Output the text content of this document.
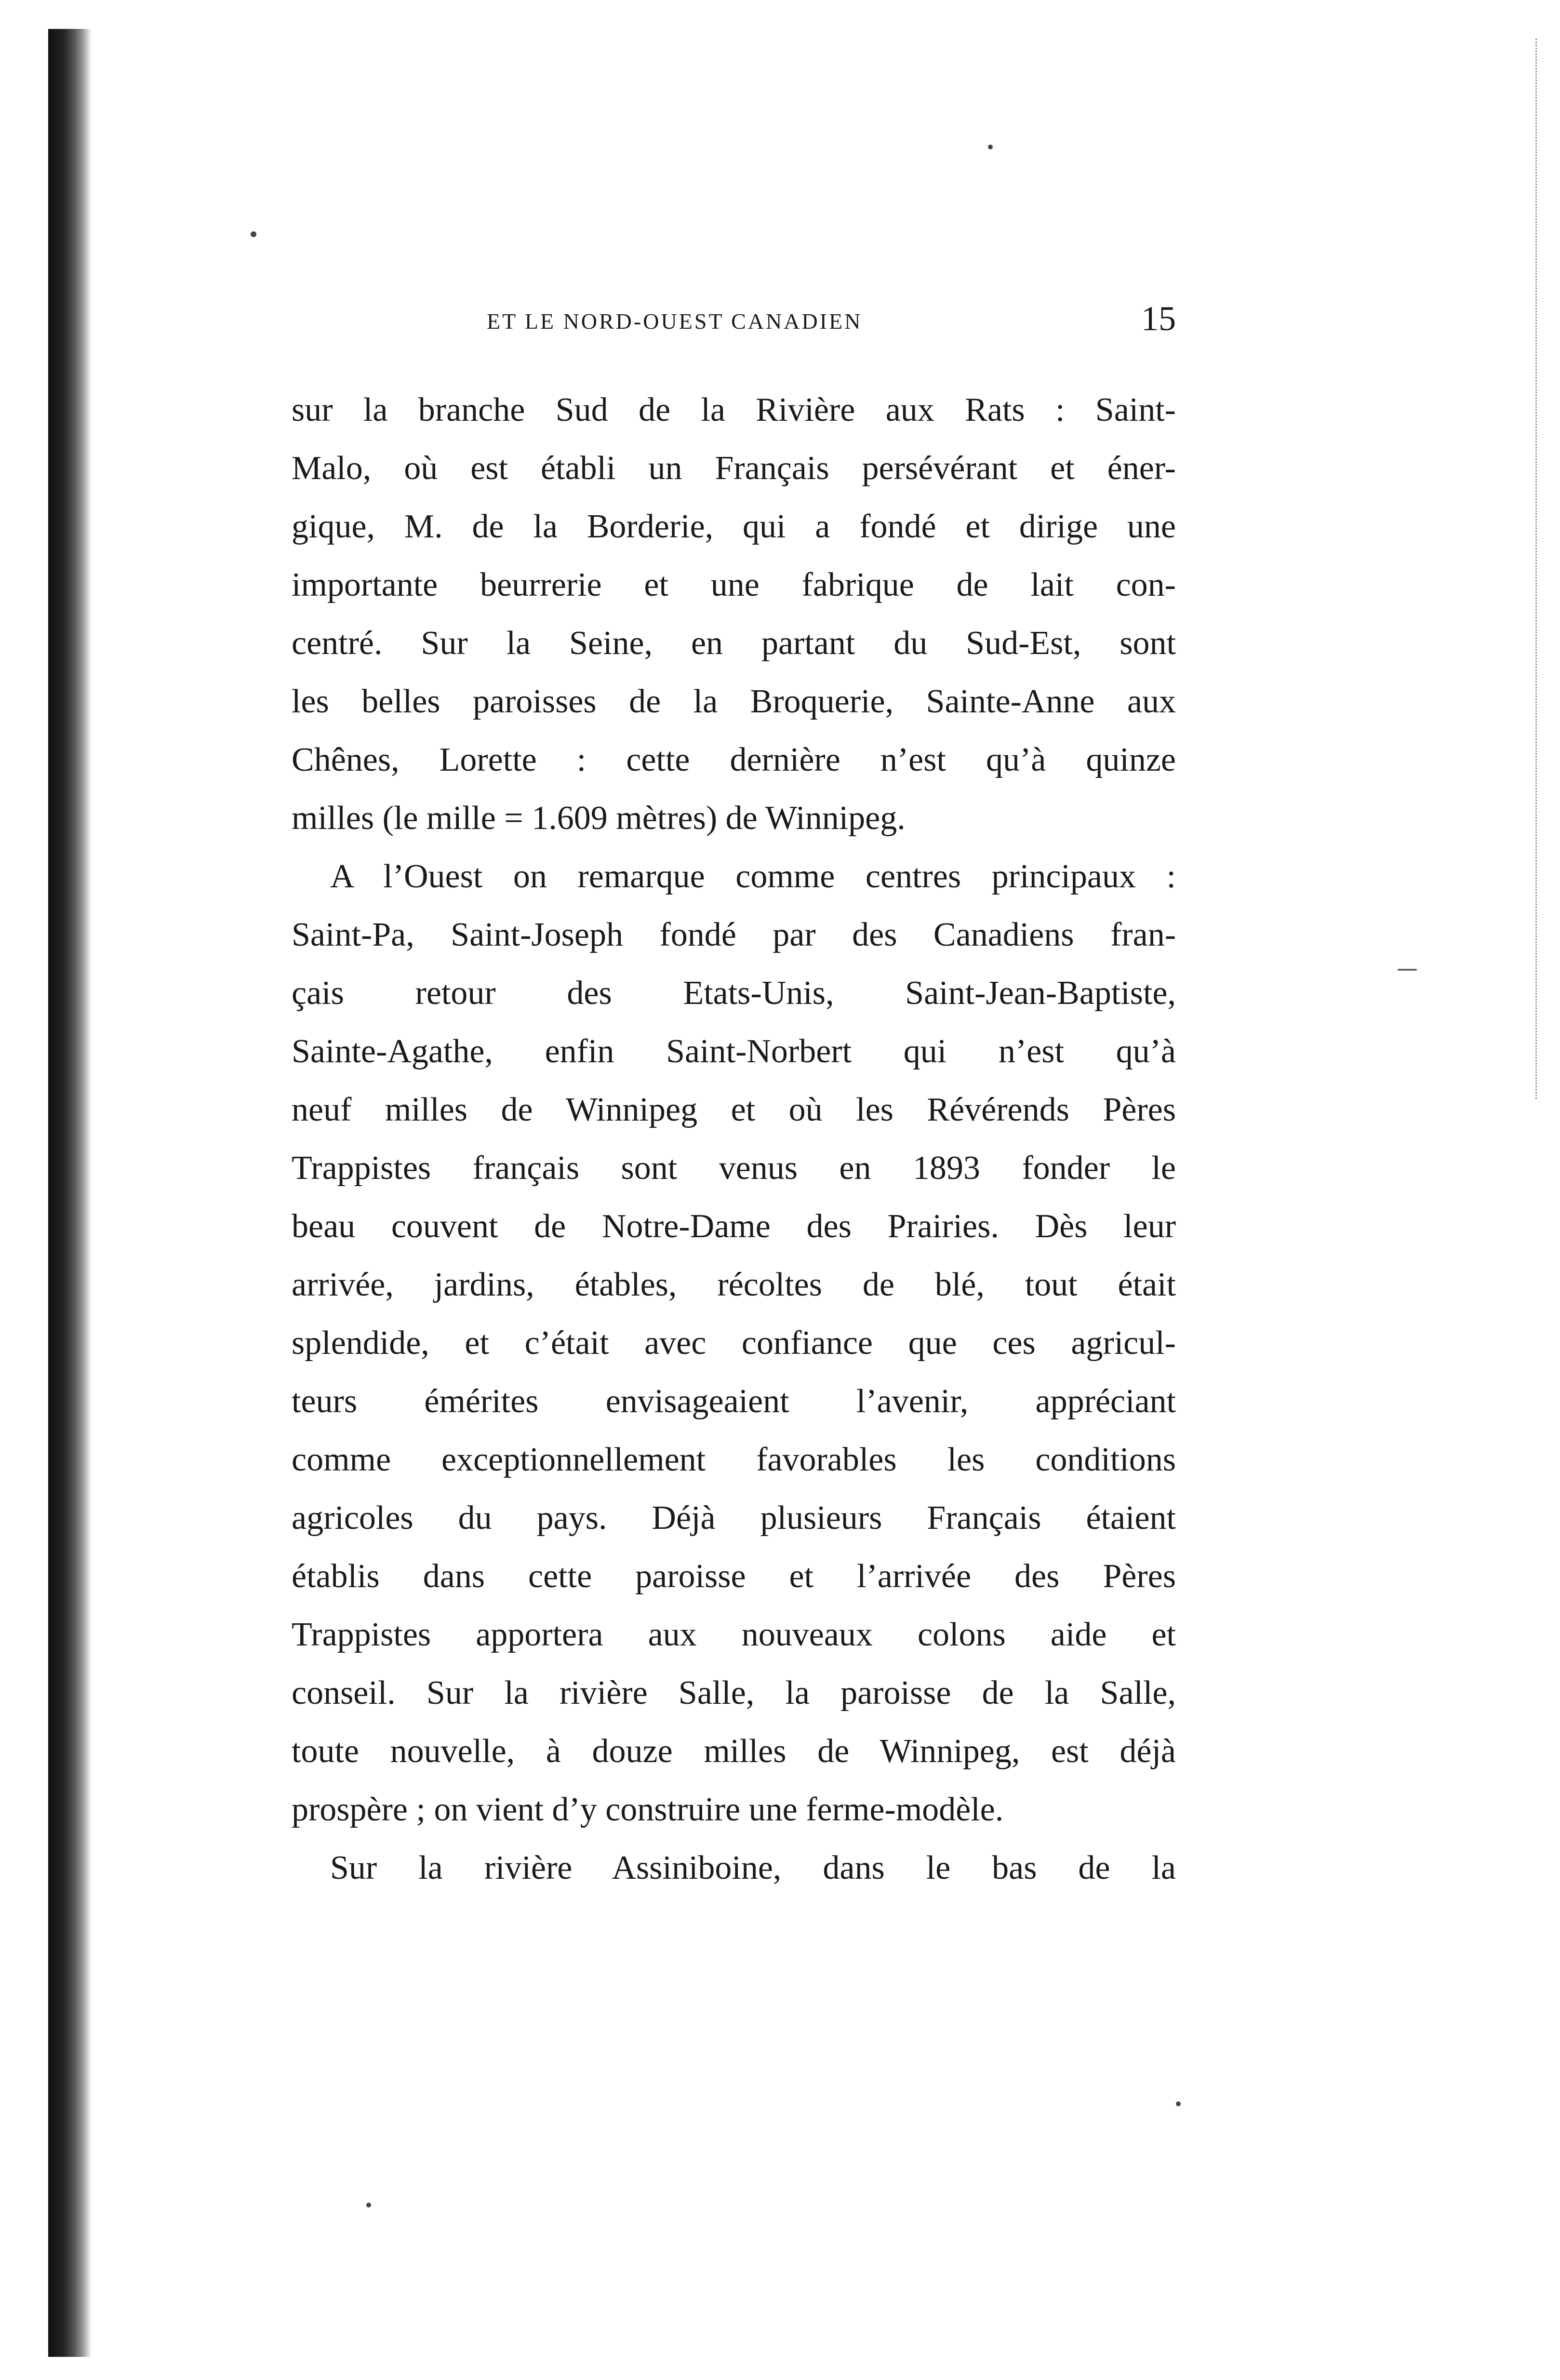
ET LE NORD-OUEST CANADIEN	15
sur la branche Sud de la Rivière aux Rats : Saint-
Malo, où est établi un Français persévérant et éner-
gique, M. de la Borderie, qui a fondé et dirige une
importante beurrerie et une fabrique de lait con-
centré. Sur la Seine, en partant du Sud-Est, sont
les belles paroisses de la Broquerie, Sainte-Anne aux
Chênes, Lorette : cette dernière n’est qu’à quinze
milles (le mille = 1.609 mètres) de Winnipeg.
A l’Ouest on remarque comme centres principaux :
Saint-Pa, Saint-Joseph fondé par des Canadiens fran-
çais retour des Etats-Unis, Saint-Jean-Baptiste,
Sainte-Agathe, enfin Saint-Norbert qui n’est qu’à
neuf milles de Winnipeg et où les Révérends Pères
Trappistes français sont venus en 1893 fonder le
beau couvent de Notre-Dame des Prairies. Dès leur
arrivée, jardins, étables, récoltes de blé, tout était
splendide, et c’était avec confiance que ces agricul-
teurs émérites envisageaient l’avenir, appréciant
comme exceptionnellement favorables les conditions
agricoles du pays. Déjà plusieurs Français étaient
établis dans cette paroisse et l’arrivée des Pères
Trappistes apportera aux nouveaux colons aide et
conseil. Sur la rivière Salle, la paroisse de la Salle,
toute nouvelle, à douze milles de Winnipeg, est déjà
prospère ; on vient d’y construire une ferme-modèle.
Sur la rivière Assiniboine, dans le bas de la
